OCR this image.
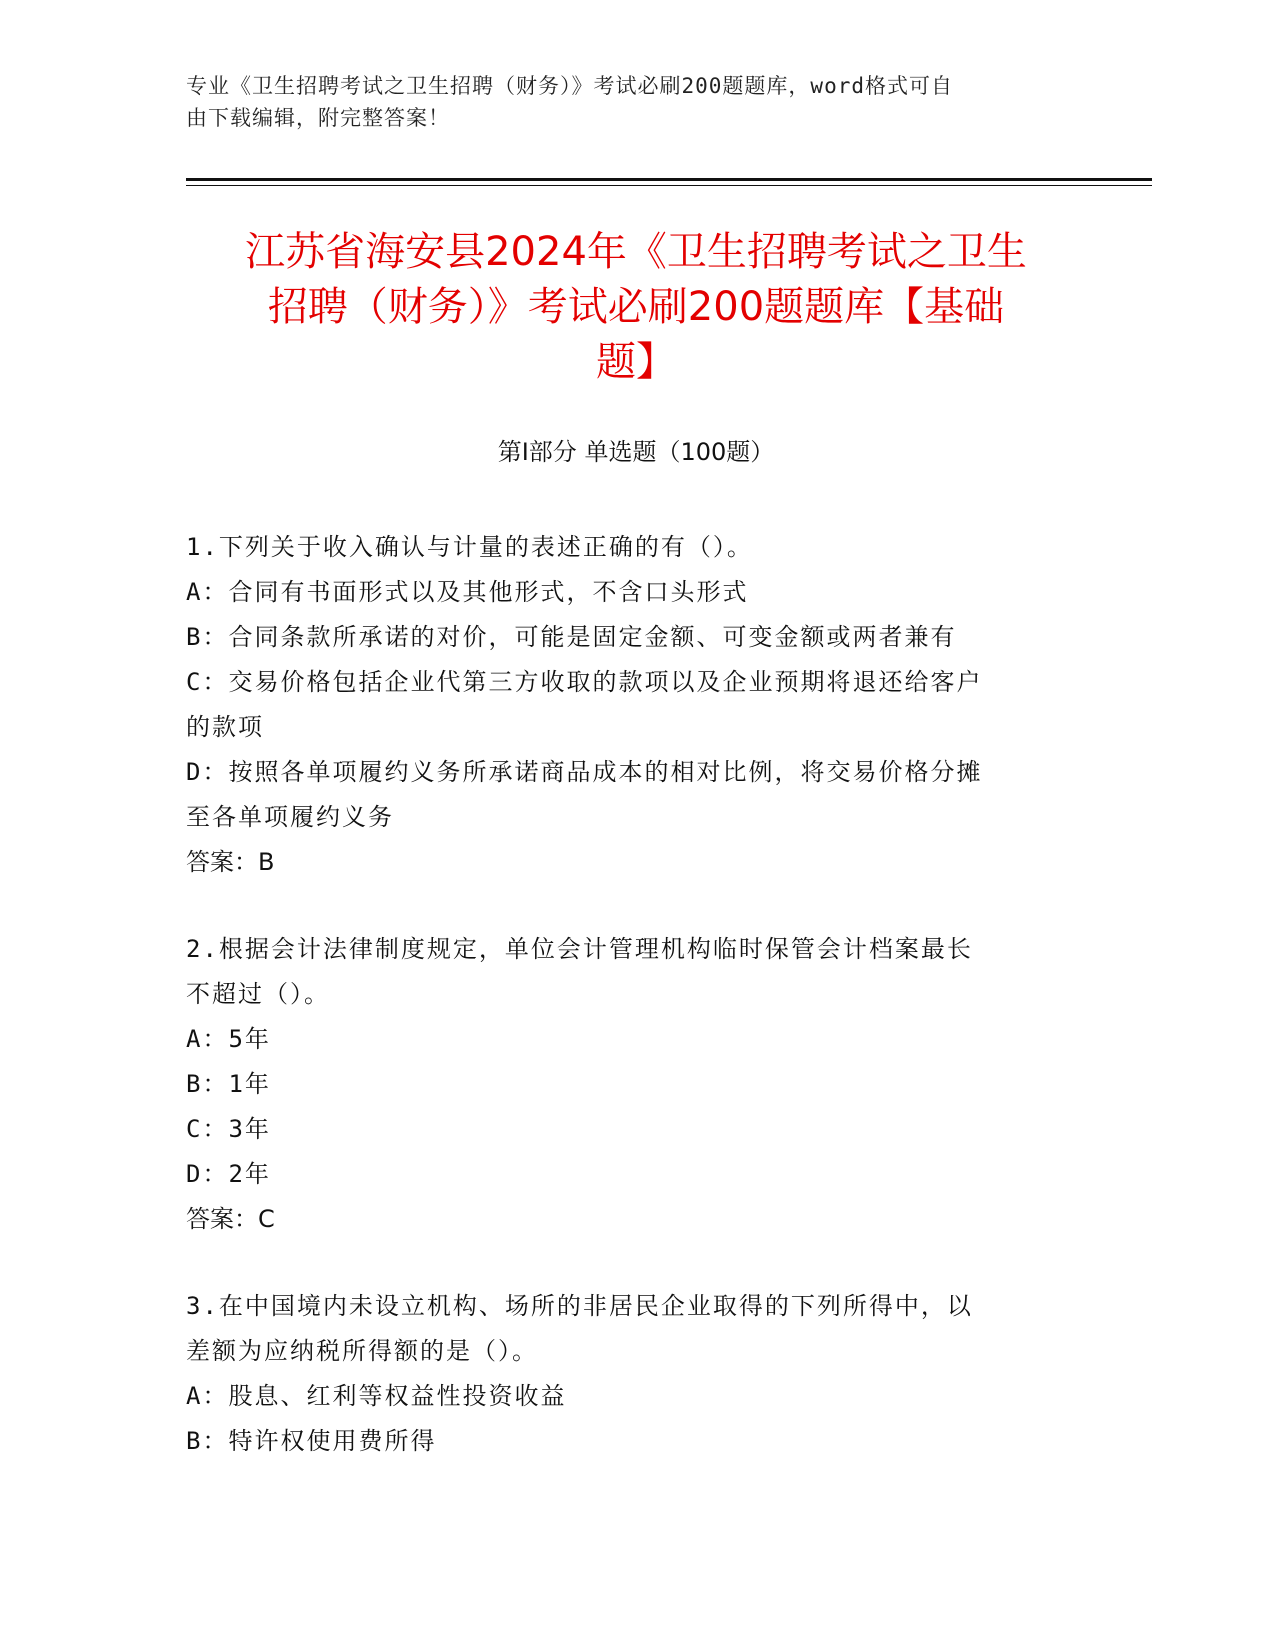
专业《卫生招聘考试之卫生招聘（财务）》考试必刷200题题库，word格式可自
由下载编辑，附完整答案！
江苏省海安县2024年《卫生招聘考试之卫生
招聘（财务）》考试必刷200题题库【基础
题】
第Ⅰ部分 单选题（100题）
1.下列关于收入确认与计量的表述正确的有（）。
A：合同有书面形式以及其他形式，不含口头形式
B：合同条款所承诺的对价，可能是固定金额、可变金额或两者兼有
C：交易价格包括企业代第三方收取的款项以及企业预期将退还给客户
的款项
D：按照各单项履约义务所承诺商品成本的相对比例，将交易价格分摊
至各单项履约义务
答案：B
2.根据会计法律制度规定，单位会计管理机构临时保管会计档案最长
不超过（）。
A：5年
B：1年
C：3年
D：2年
答案：C
3.在中国境内未设立机构、场所的非居民企业取得的下列所得中，以
差额为应纳税所得额的是（）。
A：股息、红利等权益性投资收益
B：特许权使用费所得
